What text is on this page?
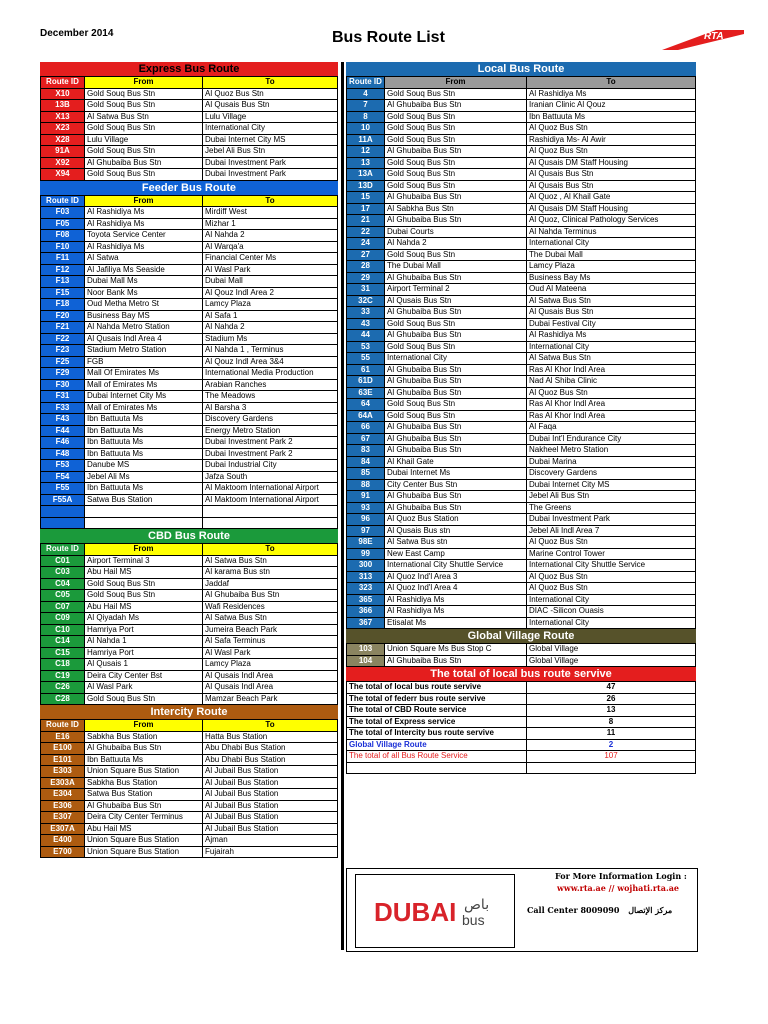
December 2014	Bus Route List	RTA
Express Bus Route
Route ID	From	To
X10	Gold Souq Bus Stn	Al Quoz Bus Stn
13B	Gold Souq Bus Stn	Al Qusais Bus Stn
X13	Al Satwa Bus Stn	Lulu Village
X23	Gold Souq Bus Stn	International City
X28	Lulu Village	Dubai Internet City MS
91A	Gold Souq Bus Stn	Jebel Ali Bus Stn
X92	Al Ghubaiba Bus Stn	Dubai Investment Park
X94	Gold Souq Bus Stn	Dubai Investment Park
Feeder Bus Route
Route ID	From	To
F03	Al Rashidiya Ms	Mirdiff West
F05	Al Rashidiya Ms	Mizhar 1
F08	Toyota Service Center	Al Nahda 2
F10	Al Rashidiya Ms	Al Warqa'a
F11	Al Satwa	Financial Center Ms
F12	Al Jafiliya Ms Seaside	Al Wasl Park
F13	Dubai Mall Ms	Dubai Mall
F15	Noor Bank Ms	Al Qouz Indl Area 2
F18	Oud Metha Metro St	Lamcy Plaza
F20	Business Bay MS	Al Safa 1
F21	Al Nahda Metro Station	Al Nahda 2
F22	Al Qusais Indl Area 4	Stadium Ms
F23	Stadium Metro Station	Al Nahda 1 , Terminus
F25	FGB	Al Qouz Indl Area 3&4
F29	Mall Of Emirates Ms	International Media Production
F30	Mall of Emirates Ms	Arabian Ranches
F31	Dubai Internet City Ms	The Meadows
F33	Mall of Emirates Ms	Al Barsha 3
F43	Ibn Battuuta Ms	Discovery Gardens
F44	Ibn Battuuta Ms	Energy Metro Station
F46	Ibn Battuuta Ms	Dubai Investment Park 2
F48	Ibn Battuuta Ms	Dubai Investment Park 2
F53	Danube MS	Dubai Industrial City
F54	Jebel Ali Ms	Jafza South
F55	Ibn Battuuta Ms	Al Maktoom International Airport
F55A	Satwa Bus Station	Al Maktoom International Airport

CBD Bus Route
Route ID	From	To
C01	Airport Terminal 3	Al Satwa Bus Stn
C03	Abu Hail MS	Al karama Bus stn
C04	Gold Souq Bus Stn	Jaddaf
C05	Gold Souq Bus Stn	Al Ghubaiba Bus Stn
C07	Abu Hail MS	Wafi Residences
C09	Al Qiyadah Ms	Al Satwa Bus Stn
C10	Hamriya Port	Jumeira Beach Park
C14	Al Nahda 1	Al Safa Terminus
C15	Hamriya Port	Al Wasl Park
C18	Al Qusais 1	Lamcy Plaza
C19	Deira City Center Bst	Al Qusais Indl Area
C26	Al Wasl Park	Al Qusais Indl Area
C28	Gold Souq Bus Stn	Mamzar Beach Park
Intercity Route
Route ID	From	To
E16	Sabkha Bus Station	Hatta Bus Station
E100	Al Ghubaiba Bus Stn	Abu Dhabi Bus Station
E101	Ibn Battuuta Ms	Abu Dhabi Bus Station
E303	Union Square Bus Station	Al Jubail Bus Station
E303A	Sabkha Bus Station	Al Jubail Bus Station
E304	Satwa Bus Station	Al Jubail Bus Station
E306	Al Ghubaiba Bus Stn	Al Jubail Bus Station
E307	Deira City Center Terminus	Al Jubail Bus Station
E307A	Abu Hail MS	Al Jubail Bus Station
E400	Union Square Bus Station	Ajman
E700	Union Square Bus Station	Fujairah
Local Bus Route
Route ID	From	To
4	Gold Souq Bus Stn	Al Rashidiya Ms
7	Al Ghubaiba Bus Stn	Iranian Clinic Al Qouz
8	Gold Souq Bus Stn	Ibn Battuuta Ms
10	Gold Souq Bus Stn	Al Quoz Bus Stn
11A	Gold Souq Bus Stn	Rashidiya Ms- Al Awir
12	Al Ghubaiba Bus Stn	Al Quoz Bus Stn
13	Gold Souq Bus Stn	Al Qusais DM Staff Housing
13A	Gold Souq Bus Stn	Al Qusais Bus Stn
13D	Gold Souq Bus Stn	Al Qusais Bus Stn
15	Al Ghubaiba Bus Stn	Al Quoz , Al Khail Gate
17	Al Sabkha Bus Stn	Al Qusais DM Staff Housing
21	Al Ghubaiba Bus Stn	Al Quoz, Clinical Pathology Services
22	Dubai Courts	Al Nahda Terminus
24	Al Nahda 2	International City
27	Gold Souq Bus Stn	The Dubai Mall
28	The Dubai Mall	Lamcy Plaza
29	Al Ghubaiba Bus Stn	Business Bay Ms
31	Airport Terminal 2	Oud Al Mateena
32C	Al Qusais Bus Stn	Al Satwa Bus Stn
33	Al Ghubaiba Bus Stn	Al Qusais Bus Stn
43	Gold Souq Bus Stn	Dubai Festival City
44	Al Ghubaiba Bus Stn	Al Rashidiya Ms
53	Gold Souq Bus Stn	International City
55	International City	Al Satwa Bus Stn
61	Al Ghubaiba Bus Stn	Ras Al Khor Indl Area
61D	Al Ghubaiba Bus Stn	Nad Al Shiba Clinic
63E	Al Ghubaiba Bus Stn	Al Quoz Bus Stn
64	Gold Souq Bus Stn	Ras Al Khor Indl Area
64A	Gold Souq Bus Stn	Ras Al Khor Indl Area
66	Al Ghubaiba Bus Stn	Al Faqa
67	Al Ghubaiba Bus Stn	Dubai Int'l Endurance City
83	Al Ghubaiba Bus Stn	Nakheel Metro Station
84	Al Khail Gate	Dubai Marina
85	Dubai Internet Ms	Discovery Gardens
88	City Center Bus Stn	Dubai Internet City MS
91	Al Ghubaiba Bus Stn	Jebel Ali Bus Stn
93	Al Ghubaiba Bus Stn	The Greens
96	Al Quoz Bus Station	Dubai Investment Park
97	Al Qusais Bus stn	Jebel Ali Indl Area 7
98E	Al Satwa Bus stn	Al Quoz Bus Stn
99	New East Camp	Marine Control Tower
300	International City Shuttle Service	International City Shuttle Service
313	Al Quoz Ind'l Area 3	Al Quoz Bus Stn
323	Al Quoz Ind'l Area 4	Al Quoz Bus Stn
365	Al Rashidiya Ms	International City
366	Al Rashidiya Ms	DIAC -Silicon Ouasis
367	Etisalat Ms	International City
Global Village Route
103	Union Square Ms Bus Stop C	Global Village
104	Al Ghubaiba Bus Stn	Global Village
The total of local bus route servive
The total of local bus route servive	47
The total of federr bus route servive	26
The total of CBD Route service	13
The total of Express service	8
The total of Intercity bus route servive	11
Global Village Route	2
The total of all Bus Route Service	107

DUBAI باص
bus
For More Information Login :
www.rta.ae // wojhati.rta.ae
Call Center 8009090 مركز الإتصال
